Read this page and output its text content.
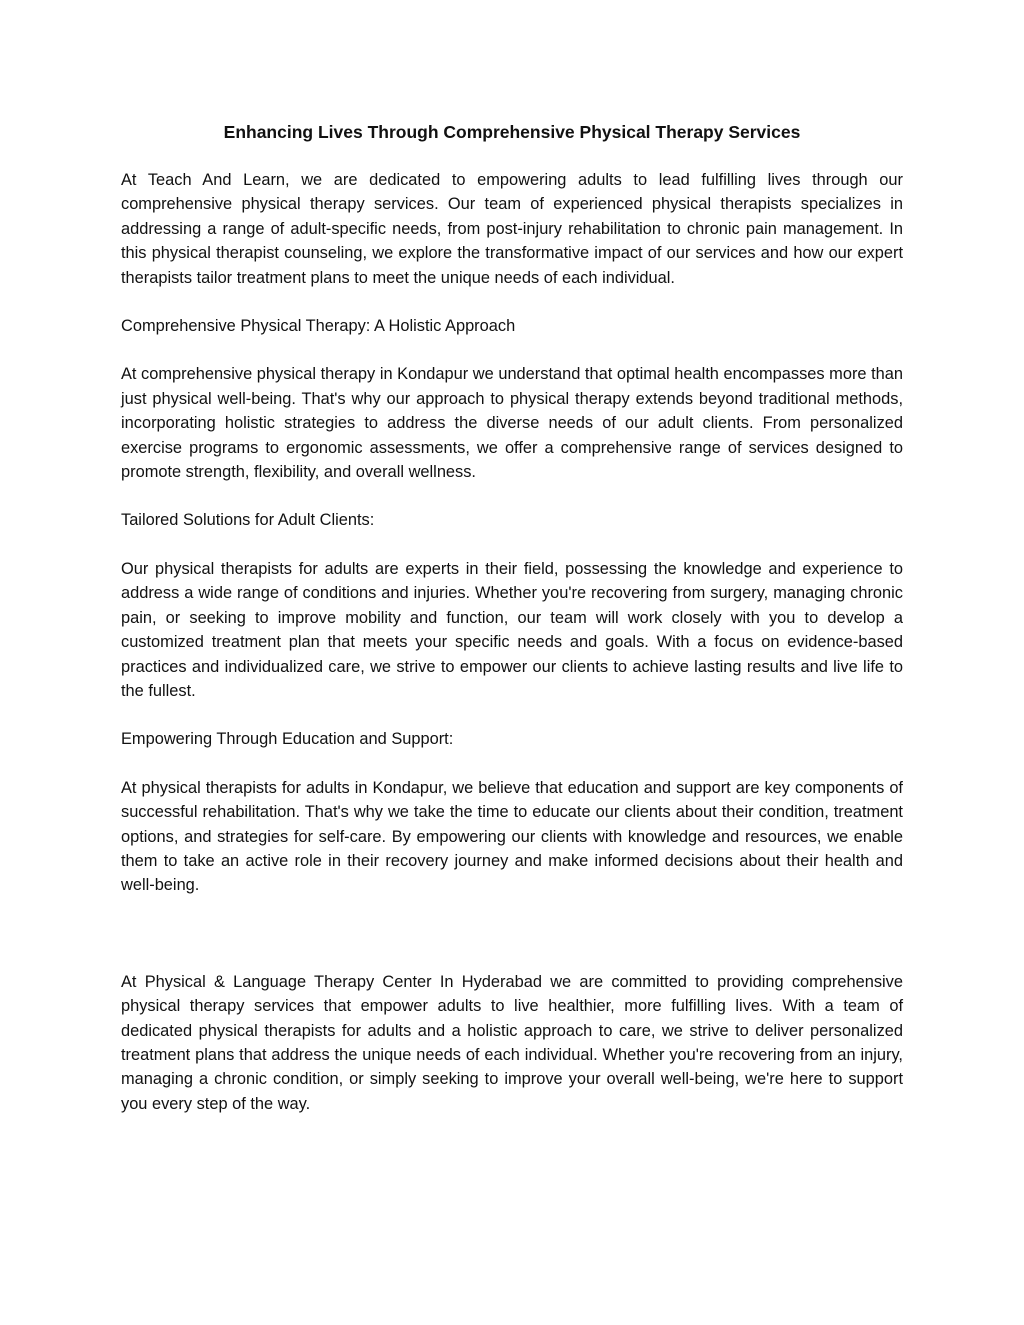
Enhancing Lives Through Comprehensive Physical Therapy Services

At Teach And Learn, we are dedicated to empowering adults to lead fulfilling lives through our comprehensive physical therapy services. Our team of experienced physical therapists specializes in addressing a range of adult-specific needs, from post-injury rehabilitation to chronic pain management. In this physical therapist counseling, we explore the transformative impact of our services and how our expert therapists tailor treatment plans to meet the unique needs of each individual.

Comprehensive Physical Therapy: A Holistic Approach

At comprehensive physical therapy in Kondapur we understand that optimal health encompasses more than just physical well-being. That's why our approach to physical therapy extends beyond traditional methods, incorporating holistic strategies to address the diverse needs of our adult clients. From personalized exercise programs to ergonomic assessments, we offer a comprehensive range of services designed to promote strength, flexibility, and overall wellness.

Tailored Solutions for Adult Clients:

Our physical therapists for adults are experts in their field, possessing the knowledge and experience to address a wide range of conditions and injuries. Whether you're recovering from surgery, managing chronic pain, or seeking to improve mobility and function, our team will work closely with you to develop a customized treatment plan that meets your specific needs and goals. With a focus on evidence-based practices and individualized care, we strive to empower our clients to achieve lasting results and live life to the fullest.

Empowering Through Education and Support:

At physical therapists for adults in Kondapur, we believe that education and support are key components of successful rehabilitation. That's why we take the time to educate our clients about their condition, treatment options, and strategies for self-care. By empowering our clients with knowledge and resources, we enable them to take an active role in their recovery journey and make informed decisions about their health and well-being.

At Physical & Language Therapy Center In Hyderabad we are committed to providing comprehensive physical therapy services that empower adults to live healthier, more fulfilling lives. With a team of dedicated physical therapists for adults and a holistic approach to care, we strive to deliver personalized treatment plans that address the unique needs of each individual. Whether you're recovering from an injury, managing a chronic condition, or simply seeking to improve your overall well-being, we're here to support you every step of the way.
